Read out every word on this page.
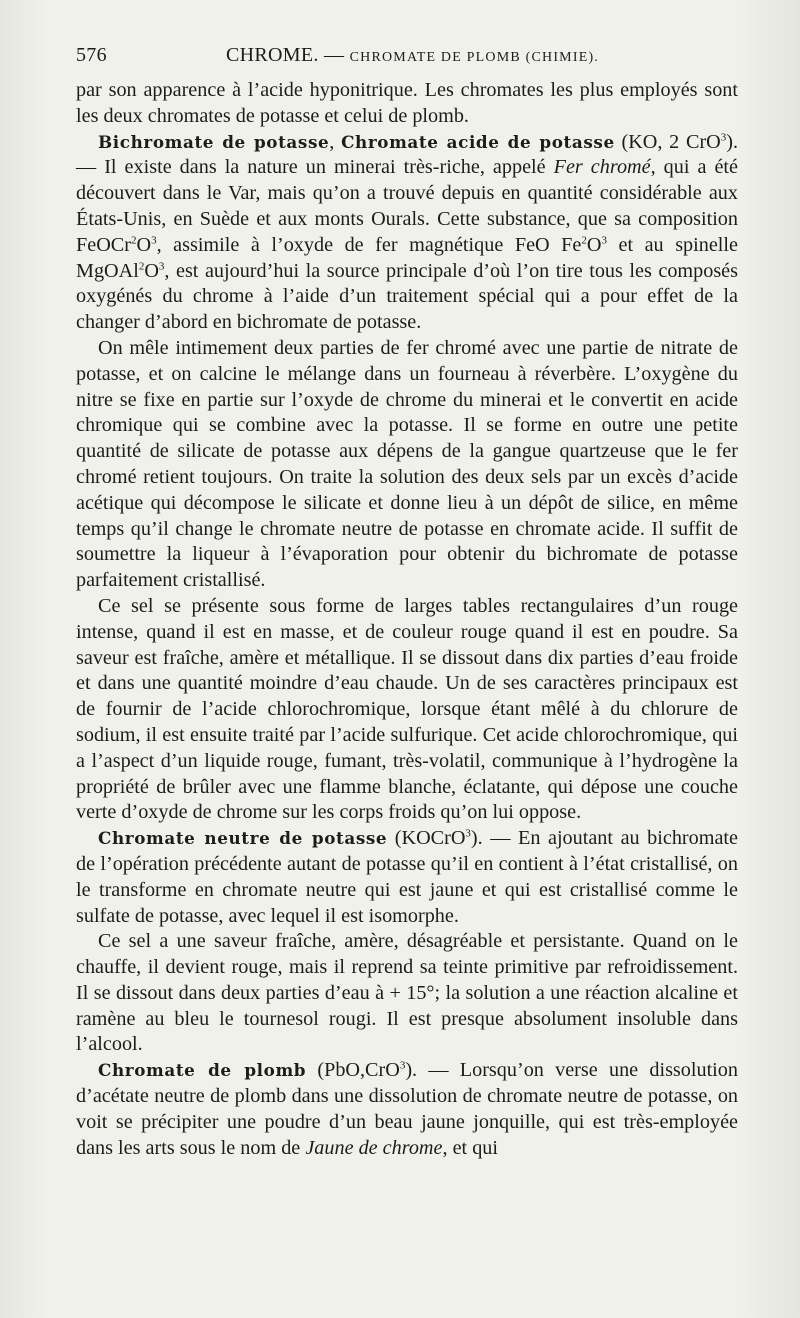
576	CHROME. — CHROMATE DE PLOMB (CHIMIE).

par son apparence à l’acide hyponitrique. Les chromates les plus employés sont les deux chromates de potasse et celui de plomb.

Bichromate de potasse, Chromate acide de potasse (KO, 2 CrO$^3$). — Il existe dans la nature un minerai très-riche, appelé Fer chromé, qui a été découvert dans le Var, mais qu’on a trouvé depuis en quantité considérable aux États-Unis, en Suède et aux monts Ourals. Cette substance, que sa composition $FeOCr^2O^3$, assimile à l’oxyde de fer magnétique FeO $Fe^2O^3$ et au spinelle $MgOAl^2O^3$, est aujourd’hui la source principale d’où l’on tire tous les composés oxygénés du chrome à l’aide d’un traitement spécial qui a pour effet de la changer d’abord en bichromate de potasse.

On mêle intimement deux parties de fer chromé avec une partie de nitrate de potasse, et on calcine le mélange dans un fourneau à réverbère. L’oxygène du nitre se fixe en partie sur l’oxyde de chrome du minerai et le convertit en acide chromique qui se combine avec la potasse. Il se forme en outre une petite quantité de silicate de potasse aux dépens de la gangue quartzeuse que le fer chromé retient toujours. On traite la solution des deux sels par un excès d’acide acétique qui décompose le silicate et donne lieu à un dépôt de silice, en même temps qu’il change le chromate neutre de potasse en chromate acide. Il suffit de soumettre la liqueur à l’évaporation pour obtenir du bichromate de potasse parfaitement cristallisé.

Ce sel se présente sous forme de larges tables rectangulaires d’un rouge intense, quand il est en masse, et de couleur rouge quand il est en poudre. Sa saveur est fraîche, amère et métallique. Il se dissout dans dix parties d’eau froide et dans une quantité moindre d’eau chaude. Un de ses caractères principaux est de fournir de l’acide chlorochromique, lorsque étant mêlé à du chlorure de sodium, il est ensuite traité par l’acide sulfurique. Cet acide chlorochromique, qui a l’aspect d’un liquide rouge, fumant, très-volatil, communique à l’hydrogène la propriété de brûler avec une flamme blanche, éclatante, qui dépose une couche verte d’oxyde de chrome sur les corps froids qu’on lui oppose.

Chromate neutre de potasse (KOCrO$^3$). — En ajoutant au bichromate de l’opération précédente autant de potasse qu’il en contient à l’état cristallisé, on le transforme en chromate neutre qui est jaune et qui est cristallisé comme le sulfate de potasse, avec lequel il est isomorphe.

Ce sel a une saveur fraîche, amère, désagréable et persistante. Quand on le chauffe, il devient rouge, mais il reprend sa teinte primitive par refroidissement. Il se dissout dans deux parties d’eau à + 15°; la solution a une réaction alcaline et ramène au bleu le tournesol rougi. Il est presque absolument insoluble dans l’alcool.

Chromate de plomb (PbO,CrO$^3$). — Lorsqu’on verse une dissolution d’acétate neutre de plomb dans une dissolution de chromate neutre de potasse, on voit se précipiter une poudre d’un beau jaune jonquille, qui est très-employée dans les arts sous le nom de Jaune de chrome, et qui
